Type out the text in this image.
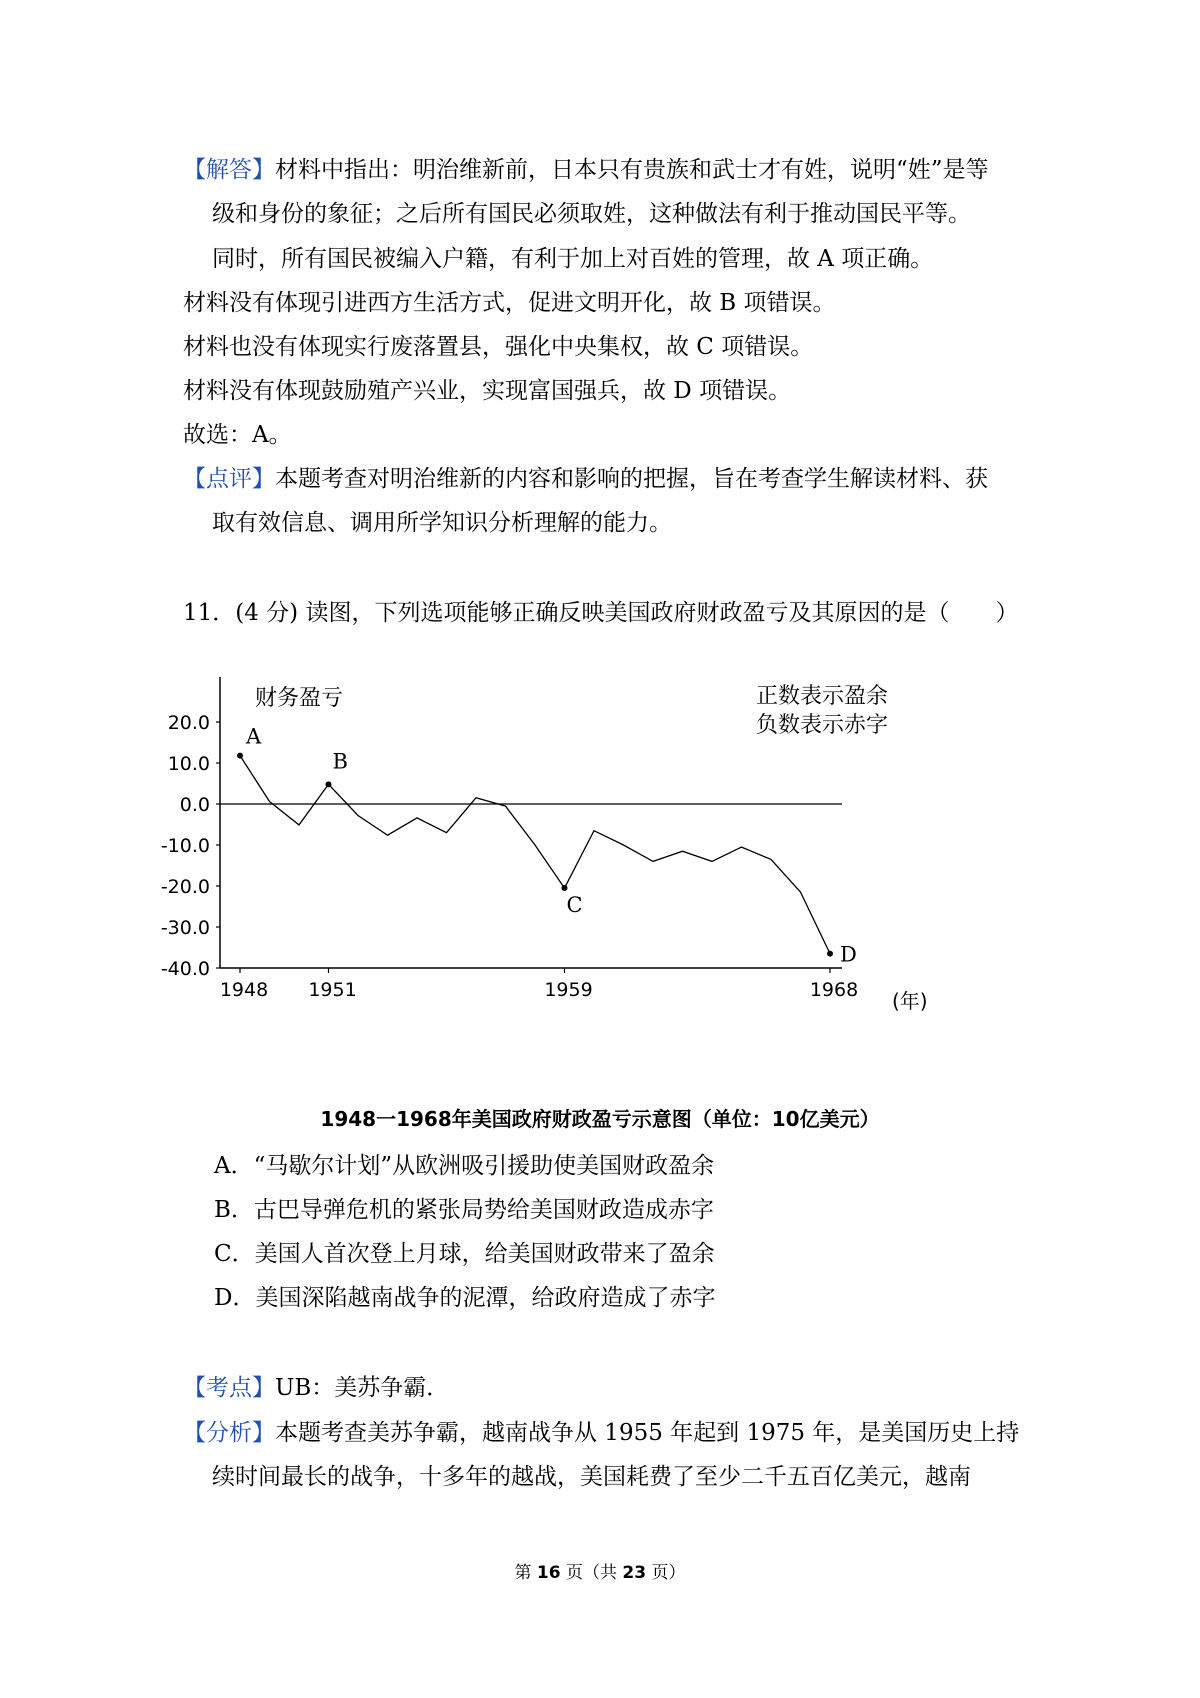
【解答】材料中指出：明治维新前，日本只有贵族和武士才有姓，说明“姓”是等
级和身份的象征；之后所有国民必须取姓，这种做法有利于推动国民平等。
同时，所有国民被编入户籍，有利于加上对百姓的管理，故 A 项正确。
材料没有体现引进西方生活方式，促进文明开化，故 B 项错误。
材料也没有体现实行废落置县，强化中央集权，故 C 项错误。
材料没有体现鼓励殖产兴业，实现富国强兵，故 D 项错误。
故选：A。
【点评】本题考查对明治维新的内容和影响的把握，旨在考查学生解读材料、获
取有效信息、调用所学知识分析理解的能力。
11．(4 分) 读图，下列选项能够正确反映美国政府财政盈亏及其原因的是（　　）
20.0
10.0
0.0
-10.0
-20.0
-30.0
-40.0
1948 1951	1959	1968
A
B
C
D
财务盈亏	正数表示盈余
负数表示赤字
(年)
1948一1968年美国政府财政盈亏示意图（单位：10亿美元）
A．“马歇尔计划”从欧洲吸引援助使美国财政盈余
B．古巴导弹危机的紧张局势给美国财政造成赤字
C．美国人首次登上月球，给美国财政带来了盈余
D．美国深陷越南战争的泥潭，给政府造成了赤字
【考点】UB：美苏争霸．
【分析】本题考查美苏争霸，越南战争从 1955 年起到 1975 年，是美国历史上持
续时间最长的战争，十多年的越战，美国耗费了至少二千五百亿美元，越南
第 16 页（共 23 页）
